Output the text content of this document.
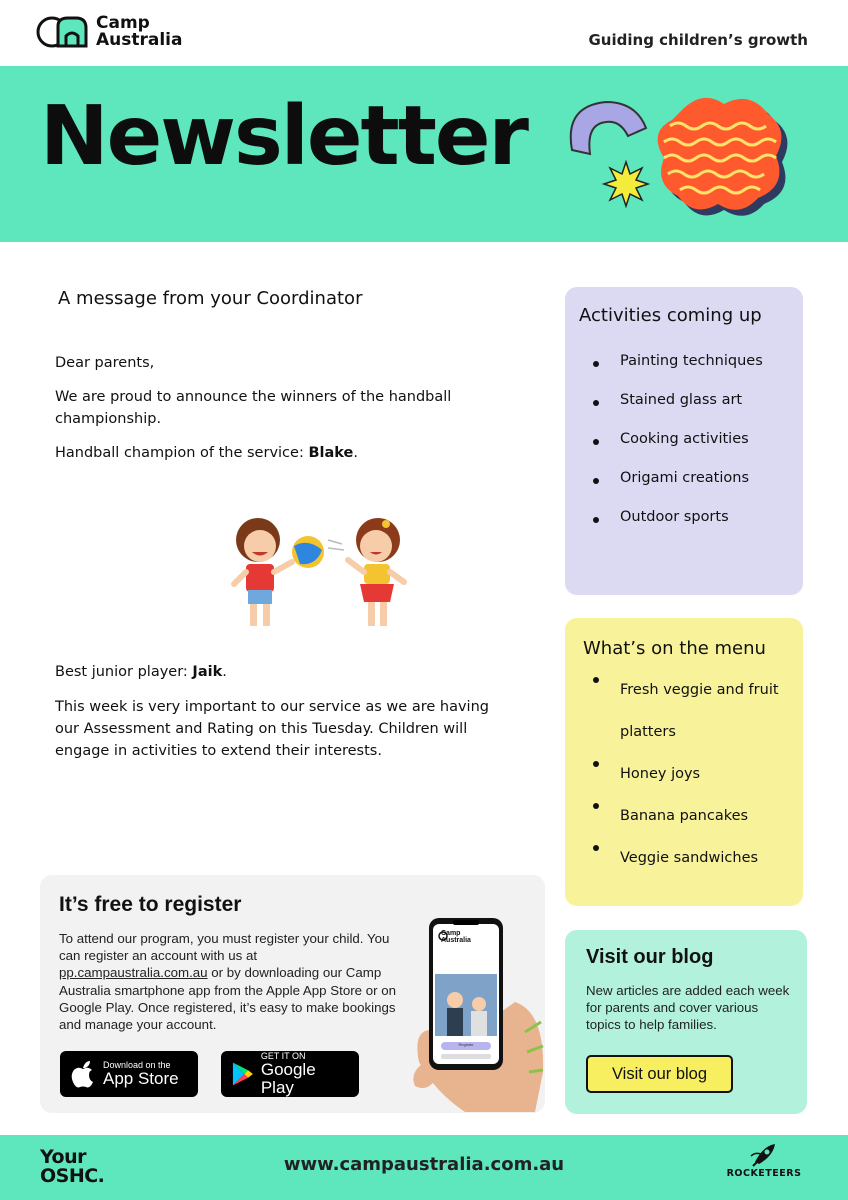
Camp
Australia	Guiding children’s growth
Newsletter
A message from your Coordinator

Dear parents,

We are proud to announce the winners of the handball championship.

Handball champion of the service: Blake.

Best junior player: Jaik.

This week is very important to our service as we are having our Assessment and Rating on this Tuesday. Children will engage in activities to extend their interests.

Activities coming up
Painting techniques
Stained glass art
Cooking activities
Origami creations
Outdoor sports
What’s on the menu
Fresh veggie and fruit platters
Honey joys
Banana pancakes
Veggie sandwiches
It’s free to register

To attend our program, you must register your child. You can register an account with us at pp.campaustralia.com.au or by downloading our Camp Australia smartphone app from the Apple App Store or on Google Play. Once registered, it’s easy to make bookings and manage your account.

Download on the
App Store
GET IT ON
Google Play
Camp
Australia
Register
Visit our blog

New articles are added each week for parents and cover various topics to help families.

Visit our blog
Your
OSHC.
www.campaustralia.com.au	ROCKETEERS
